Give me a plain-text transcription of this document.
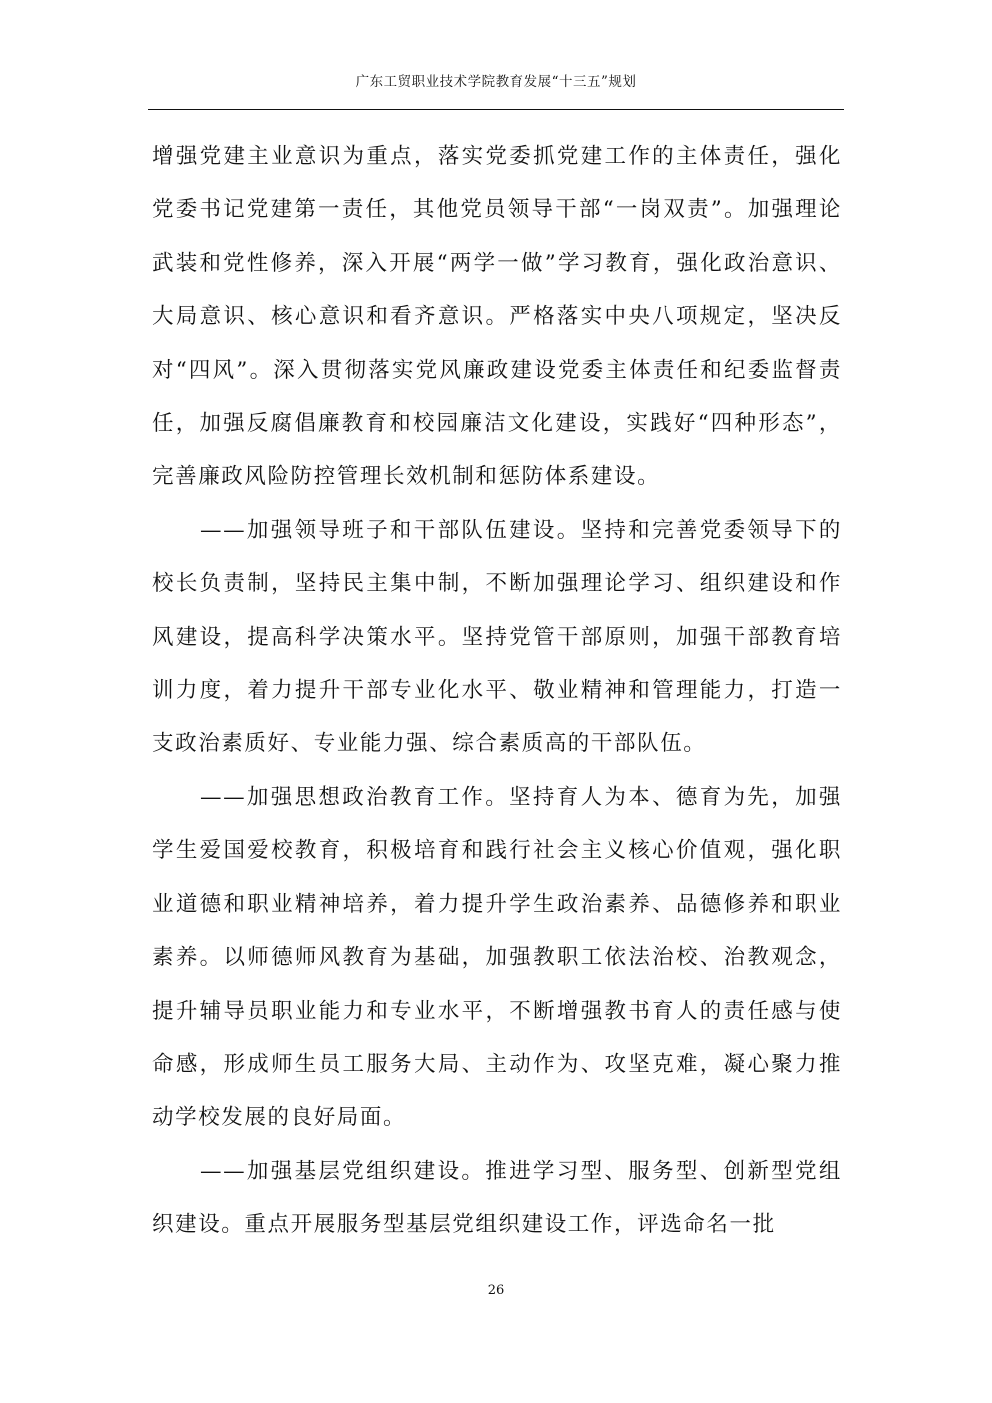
广东工贸职业技术学院教育发展“十三五”规划

增强党建主业意识为重点，落实党委抓党建工作的主体责任，强化党委书记党建第一责任，其他党员领导干部“一岗双责”。加强理论武装和党性修养，深入开展“两学一做”学习教育，强化政治意识、大局意识、核心意识和看齐意识。严格落实中央八项规定，坚决反对“四风”。深入贯彻落实党风廉政建设党委主体责任和纪委监督责任，加强反腐倡廉教育和校园廉洁文化建设，实践好“四种形态”，完善廉政风险防控管理长效机制和惩防体系建设。

——加强领导班子和干部队伍建设。坚持和完善党委领导下的校长负责制，坚持民主集中制，不断加强理论学习、组织建设和作风建设，提高科学决策水平。坚持党管干部原则，加强干部教育培训力度，着力提升干部专业化水平、敬业精神和管理能力，打造一支政治素质好、专业能力强、综合素质高的干部队伍。

——加强思想政治教育工作。坚持育人为本、德育为先，加强学生爱国爱校教育，积极培育和践行社会主义核心价值观，强化职业道德和职业精神培养，着力提升学生政治素养、品德修养和职业素养。以师德师风教育为基础，加强教职工依法治校、治教观念，提升辅导员职业能力和专业水平，不断增强教书育人的责任感与使命感，形成师生员工服务大局、主动作为、攻坚克难，凝心聚力推动学校发展的良好局面。

——加强基层党组织建设。推进学习型、服务型、创新型党组织建设。重点开展服务型基层党组织建设工作，评选命名一批

26
